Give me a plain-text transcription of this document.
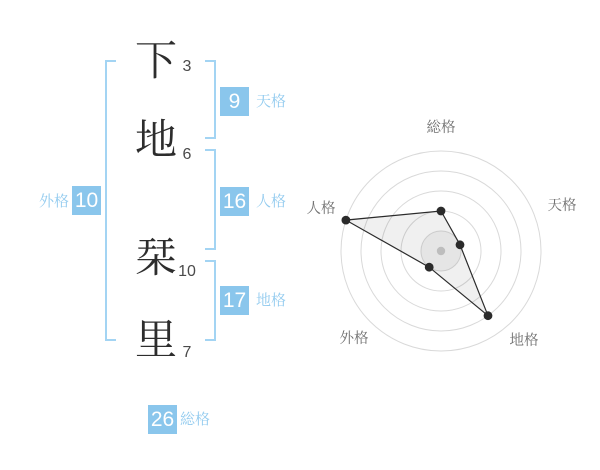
下 3
地 6
栞 10
里 7
9	天格
16 人格
17 地格
外格 10
26 総格
総格
天格
地格
外格
人格
